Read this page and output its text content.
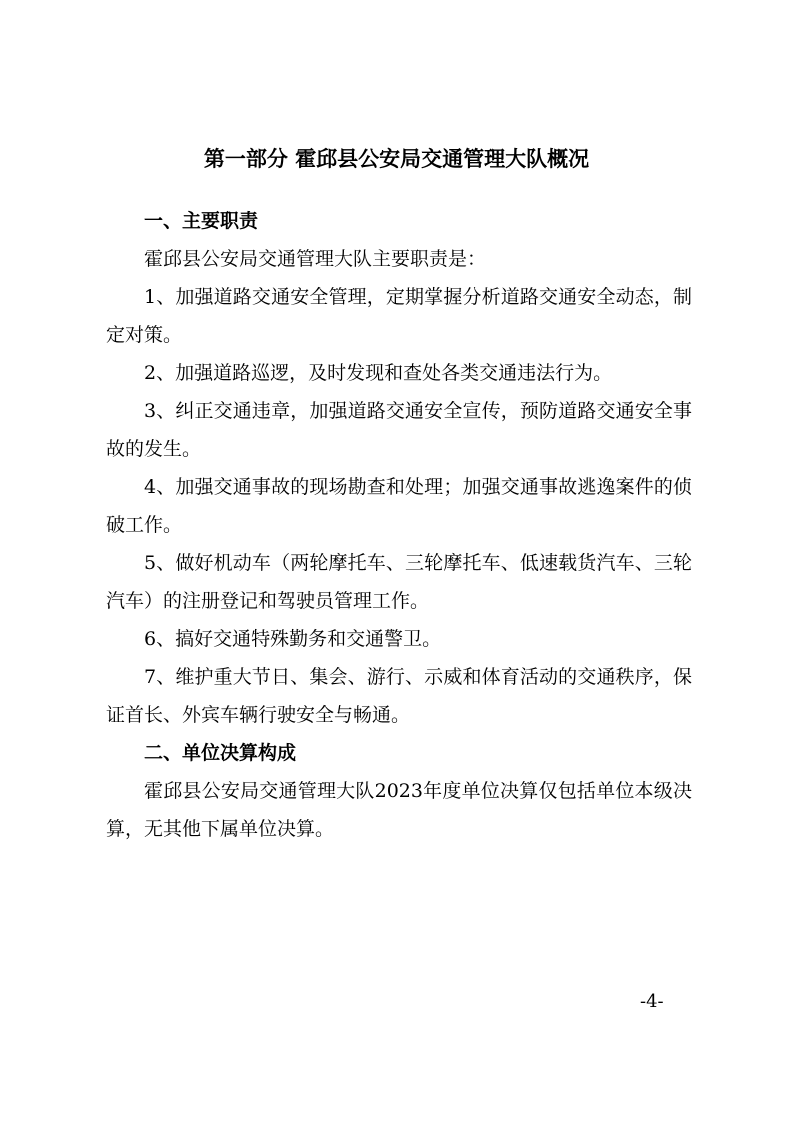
第一部分 霍邱县公安局交通管理大队概况
一、主要职责

霍邱县公安局交通管理大队主要职责是：

1、加强道路交通安全管理，定期掌握分析道路交通安全动态，制定对策。

2、加强道路巡逻，及时发现和查处各类交通违法行为。

3、纠正交通违章，加强道路交通安全宣传，预防道路交通安全事故的发生。

4、加强交通事故的现场勘查和处理；加强交通事故逃逸案件的侦破工作。

5、做好机动车（两轮摩托车、三轮摩托车、低速载货汽车、三轮汽车）的注册登记和驾驶员管理工作。

6、搞好交通特殊勤务和交通警卫。

7、维护重大节日、集会、游行、示威和体育活动的交通秩序，保证首长、外宾车辆行驶安全与畅通。

二、单位决算构成

霍邱县公安局交通管理大队2023年度单位决算仅包括单位本级决算，无其他下属单位决算。

-4-
